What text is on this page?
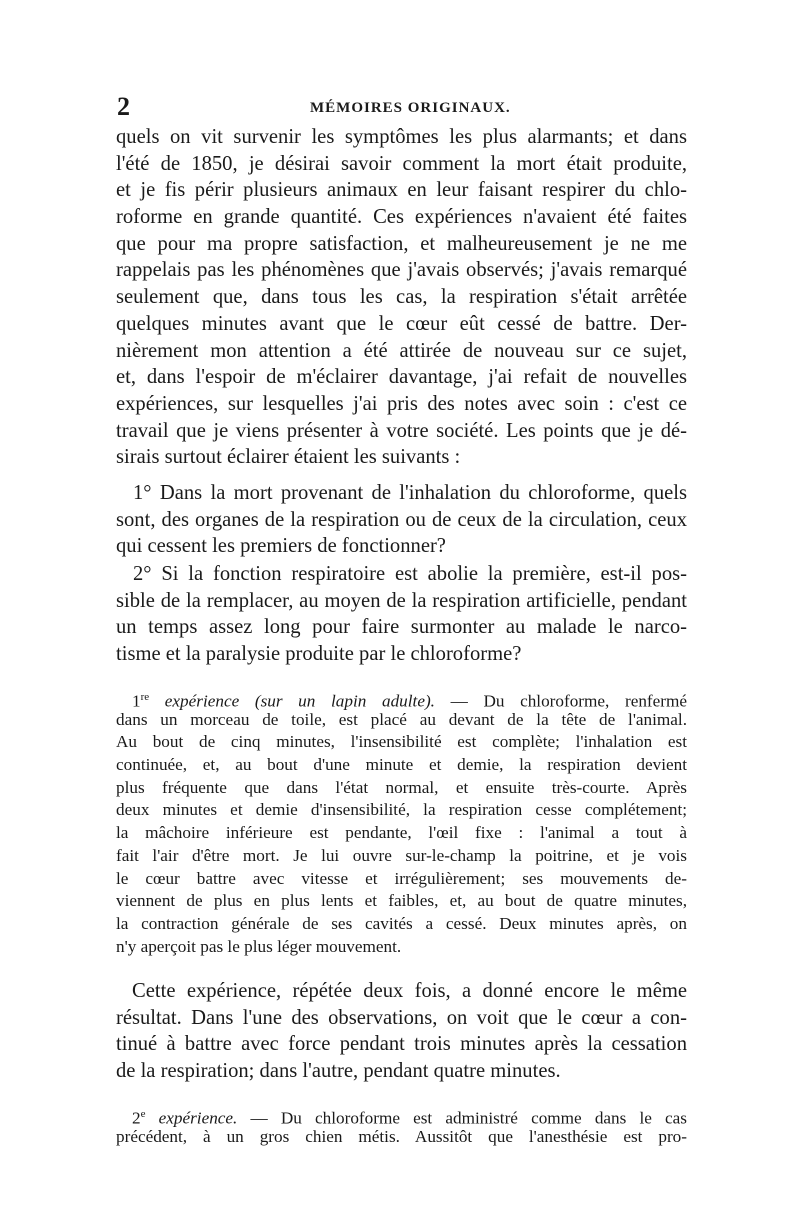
2	MÉMOIRES ORIGINAUX.
quels on vit survenir les symptômes les plus alarmants; et dans
l'été de 1850, je désirai savoir comment la mort était produite,
et je fis périr plusieurs animaux en leur faisant respirer du chlo-
roforme en grande quantité. Ces expériences n'avaient été faites
que pour ma propre satisfaction, et malheureusement je ne me
rappelais pas les phénomènes que j'avais observés; j'avais remarqué
seulement que, dans tous les cas, la respiration s'était arrêtée
quelques minutes avant que le cœur eût cessé de battre. Der-
nièrement mon attention a été attirée de nouveau sur ce sujet,
et, dans l'espoir de m'éclairer davantage, j'ai refait de nouvelles
expériences, sur lesquelles j'ai pris des notes avec soin : c'est ce
travail que je viens présenter à votre société. Les points que je dé-
sirais surtout éclairer étaient les suivants :
1° Dans la mort provenant de l'inhalation du chloroforme, quels
sont, des organes de la respiration ou de ceux de la circulation, ceux
qui cessent les premiers de fonctionner?
2° Si la fonction respiratoire est abolie la première, est-il pos-
sible de la remplacer, au moyen de la respiration artificielle, pendant
un temps assez long pour faire surmonter au malade le narco-
tisme et la paralysie produite par le chloroforme?
1re expérience (sur un lapin adulte). — Du chloroforme, renfermé
dans un morceau de toile, est placé au devant de la tête de l'animal.
Au bout de cinq minutes, l'insensibilité est complète; l'inhalation est
continuée, et, au bout d'une minute et demie, la respiration devient
plus fréquente que dans l'état normal, et ensuite très-courte. Après
deux minutes et demie d'insensibilité, la respiration cesse complétement;
la mâchoire inférieure est pendante, l'œil fixe : l'animal a tout à
fait l'air d'être mort. Je lui ouvre sur-le-champ la poitrine, et je vois
le cœur battre avec vitesse et irrégulièrement; ses mouvements de-
viennent de plus en plus lents et faibles, et, au bout de quatre minutes,
la contraction générale de ses cavités a cessé. Deux minutes après, on
n'y aperçoit pas le plus léger mouvement.
Cette expérience, répétée deux fois, a donné encore le même
résultat. Dans l'une des observations, on voit que le cœur a con-
tinué à battre avec force pendant trois minutes après la cessation
de la respiration; dans l'autre, pendant quatre minutes.
2e expérience. — Du chloroforme est administré comme dans le cas
précédent, à un gros chien métis. Aussitôt que l'anesthésie est pro-
